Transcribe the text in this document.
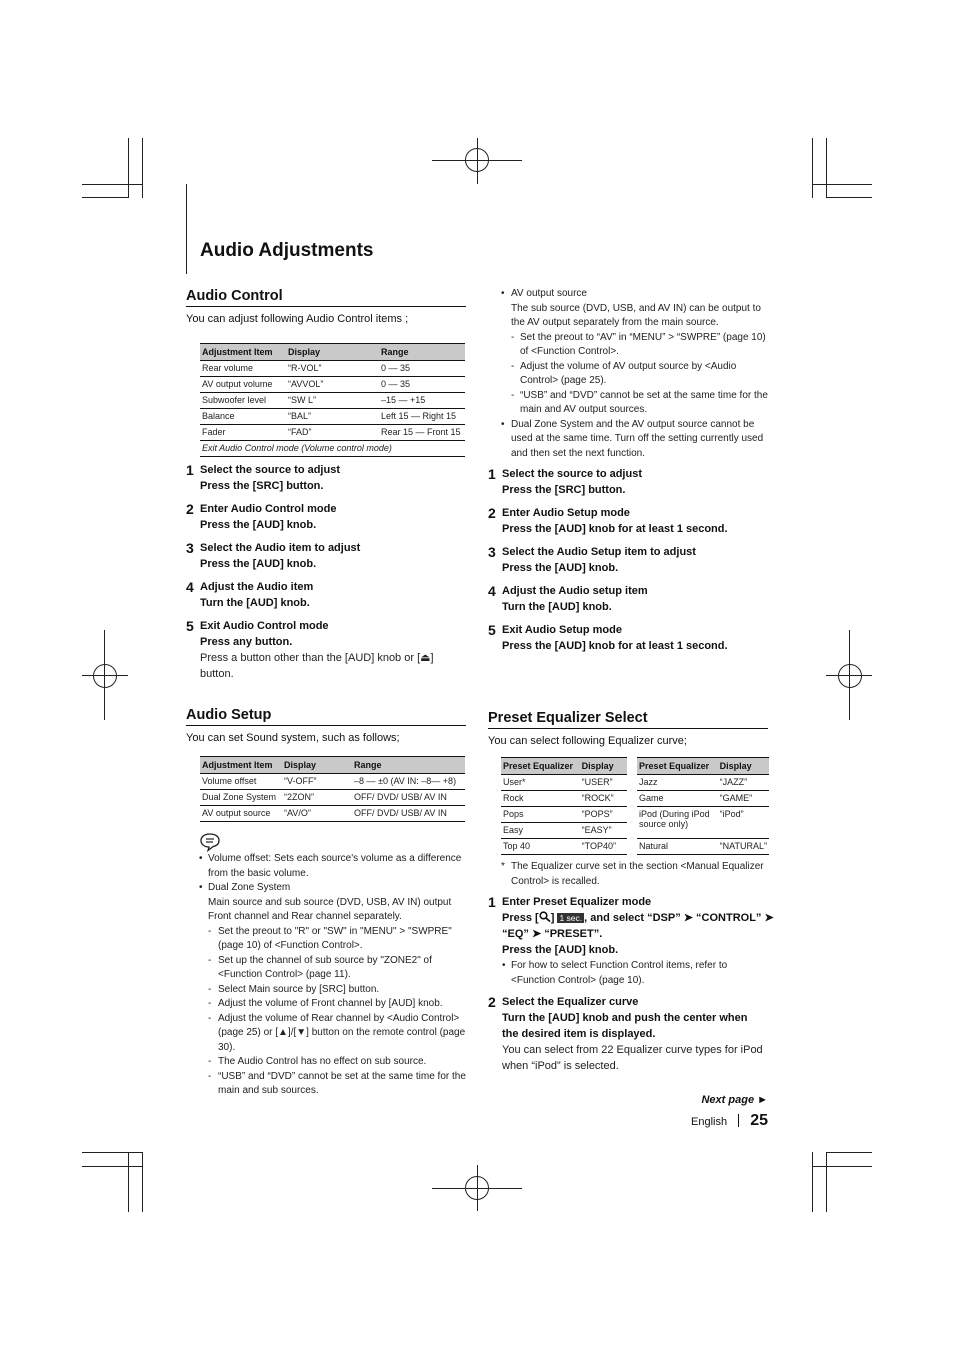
Audio Adjustments
Audio Control

You can adjust following Audio Control items ;

Adjustment Item	Display	Range
Rear volume	“R-VOL”	0 — 35
AV output volume	“AVVOL”	0 — 35
Subwoofer level	“SW L”	–15 — +15
Balance	“BAL”	Left 15 — Right 15
Fader	“FAD”	Rear 15 — Front 15
Exit Audio Control mode (Volume control mode)		
1 Select the source to adjust
Press the [SRC] button.
2 Enter Audio Control mode
Press the [AUD] knob.
3 Select the Audio item to adjust
Press the [AUD] knob.
4 Adjust the Audio item
Turn the [AUD] knob.
5 Exit Audio Control mode
Press any button.
Press a button other than the [AUD] knob or [⏏] button.
Audio Setup

You can set Sound system, such as follows;

Adjustment Item	Display	Range
Volume offset	“V-OFF”	–8 — ±0 (AV IN: –8— +8)
Dual Zone System	“2ZON”	OFF/ DVD/ USB/ AV IN
AV output source	“AV/O”	OFF/ DVD/ USB/ AV IN
• Volume offset: Sets each source's volume as a difference from the basic volume.
• Dual Zone System
Main source and sub source (DVD, USB, AV IN) output Front channel and Rear channel separately.
- Set the preout to "R" or "SW" in "MENU" > "SWPRE" (page 10) of <Function Control>.
- Set up the channel of sub source by "ZONE2" of <Function Control> (page 11).
- Select Main source by [SRC] button.
- Adjust the volume of Front channel by [AUD] knob.
- Adjust the volume of Rear channel by <Audio Control> (page 25) or [▲]/[▼] button on the remote control (page 30).
- The Audio Control has no effect on sub source.
- “USB” and “DVD” cannot be set at the same time for the main and sub sources.
• AV output source
The sub source (DVD, USB, and AV IN) can be output to the AV output separately from the main source.
- Set the preout to “AV” in “MENU” > “SWPRE” (page 10) of <Function Control>.
- Adjust the volume of AV output source by <Audio Control> (page 25).
- “USB” and “DVD” cannot be set at the same time for the main and AV output sources.
• Dual Zone System and the AV output source cannot be used at the same time. Turn off the setting currently used and then set the next function.
1 Select the source to adjust
Press the [SRC] button.
2 Enter Audio Setup mode
Press the [AUD] knob for at least 1 second.
3 Select the Audio Setup item to adjust
Press the [AUD] knob.
4 Adjust the Audio setup item
Turn the [AUD] knob.
5 Exit Audio Setup mode
Press the [AUD] knob for at least 1 second.
Preset Equalizer Select

You can select following Equalizer curve;

Preset Equalizer	Display		Preset Equalizer	Display
User*	“USER”		Jazz	“JAZZ”
Rock	“ROCK”		Game	“GAME”
Pops	“POPS”		iPod (During iPod source only)	“iPod”
Easy	“EASY”			
Top 40	“TOP40”		Natural	“NATURAL”
* The Equalizer curve set in the section <Manual Equalizer Control> is recalled.
1 Enter Preset Equalizer mode
Press [ ] 1 sec. , and select “DSP” ➤ “CONTROL” ➤
“EQ” ➤ “PRESET”.
Press the [AUD] knob.
• For how to select Function Control items, refer to <Function Control> (page 10).
2 Select the Equalizer curve
Turn the [AUD] knob and push the center when the desired item is displayed.
You can select from 22 Equalizer curve types for iPod when “iPod” is selected.
Next page ►
English 25
